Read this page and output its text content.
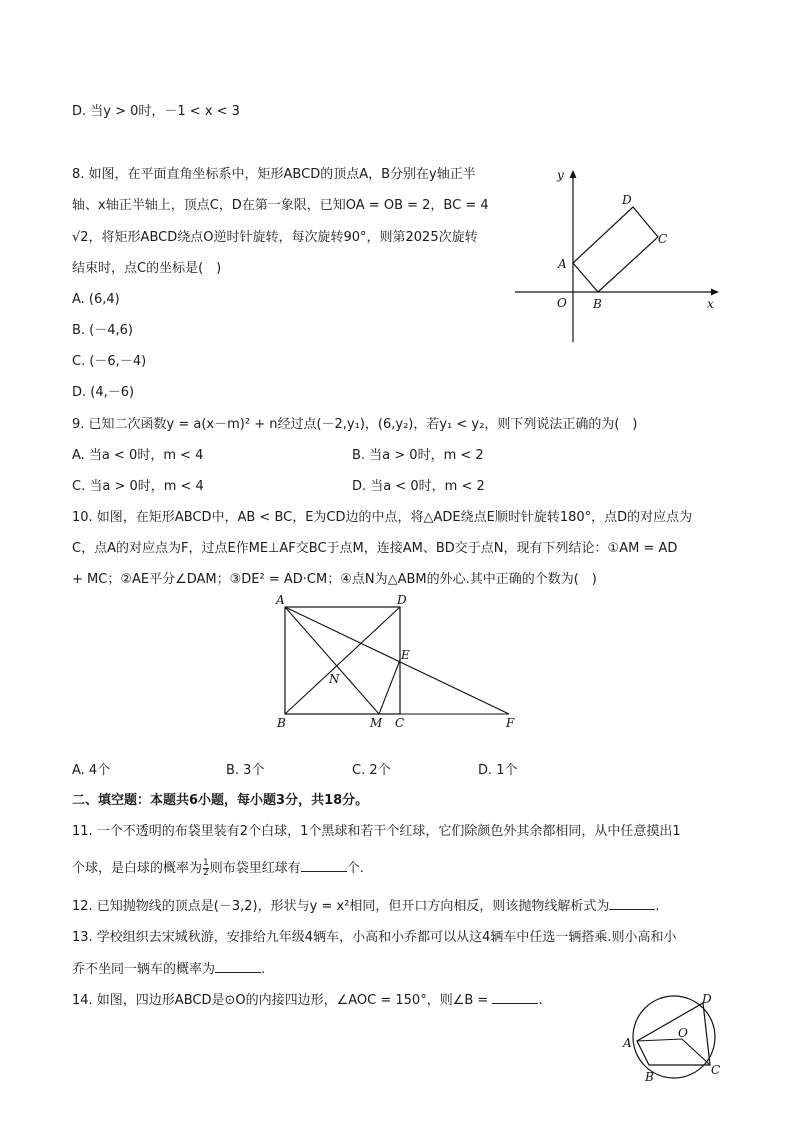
D. 当y > 0时，－1 < x < 3
8. 如图，在平面直角坐标系中，矩形ABCD的顶点A，B分别在y轴正半
轴、x轴正半轴上，顶点C，D在第一象限，已知OA = OB = 2，BC = 4
√2，将矩形ABCD绕点O逆时针旋转，每次旋转90°，则第2025次旋转
结束时，点C的坐标是(　)
A. (6,4)
B. (－4,6)
C. (－6,－4)
D. (4,－6)
y
x
O
A
B
C
D
9. 已知二次函数y = a(x－m)² + n经过点(－2,y₁)，(6,y₂)，若y₁ < y₂，则下列说法正确的为(　)
A. 当a < 0时，m < 4	B. 当a > 0时，m < 2
C. 当a > 0时，m < 4	D. 当a < 0时，m < 2
10. 如图，在矩形ABCD中，AB < BC，E为CD边的中点，将△ADE绕点E顺时针旋转180°，点D的对应点为
C，点A的对应点为F，过点E作ME⊥AF交BC于点M，连接AM、BD交于点N，现有下列结论：①AM = AD
+ MC；②AE平分∠DAM；③DE² = AD·CM；④点N为△ABM的外心.其中正确的个数为(　)
A	D
E
N
B	M C	F
A. 4个	B. 3个	C. 2个	D. 1个
二、填空题：本题共6小题，每小题3分，共18分。
11. 一个不透明的布袋里装有2个白球，1个黑球和若干个红球，它们除颜色外其余都相同，从中任意摸出1
个球，是白球的概率为 $\frac{1}{2}$ 则布袋里红球有	个.
12. 已知抛物线的顶点是(－3,2)，形状与y = x²相同，但开口方向相反，则该抛物线解析式为	.
13. 学校组织去宋城秋游，安排给九年级4辆车，小高和小乔都可以从这4辆车中任选一辆搭乘.则小高和小
乔不坐同一辆车的概率为	.
14. 如图，四边形ABCD是⊙O的内接四边形，∠AOC = 150°，则∠B =	.
O
A
B	C
D
